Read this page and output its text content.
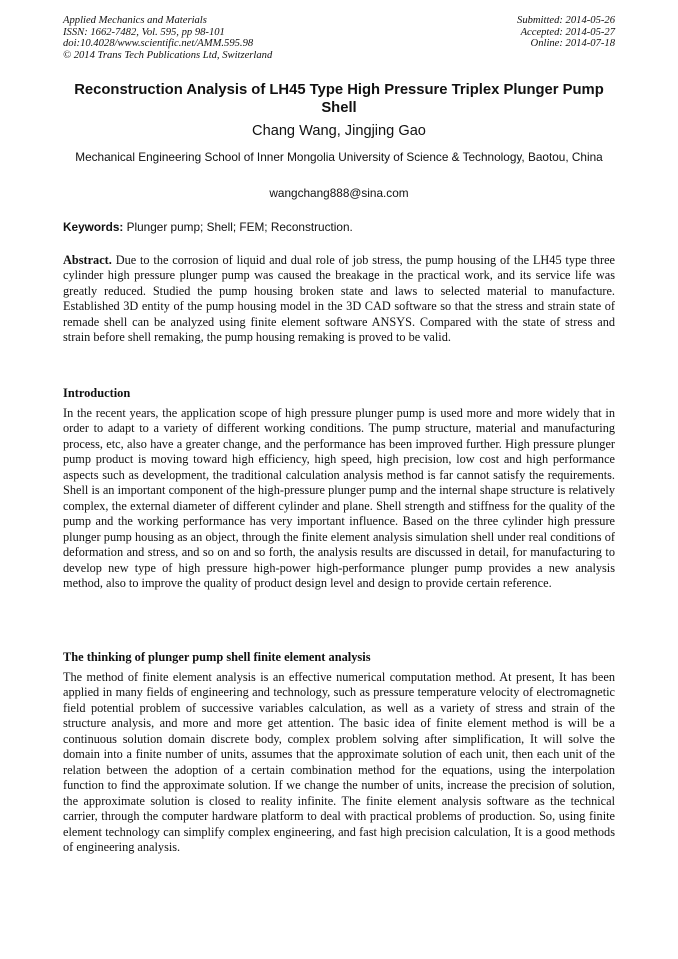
Applied Mechanics and Materials
ISSN: 1662-7482, Vol. 595, pp 98-101
doi:10.4028/www.scientific.net/AMM.595.98
© 2014 Trans Tech Publications Ltd, Switzerland
Submitted: 2014-05-26
Accepted: 2014-05-27
Online: 2014-07-18
Reconstruction Analysis of LH45 Type High Pressure Triplex Plunger Pump Shell
Chang Wang, Jingjing Gao
Mechanical Engineering School of Inner Mongolia University of Science & Technology, Baotou, China
wangchang888@sina.com
Keywords: Plunger pump; Shell; FEM; Reconstruction.

Abstract. Due to the corrosion of liquid and dual role of job stress, the pump housing of the LH45 type three cylinder high pressure plunger pump was caused the breakage in the practical work, and its service life was greatly reduced. Studied the pump housing broken state and laws to selected material to manufacture. Established 3D entity of the pump housing model in the 3D CAD software so that the stress and strain state of remade shell can be analyzed using finite element software ANSYS. Compared with the state of stress and strain before shell remaking, the pump housing remaking is proved to be valid.

Introduction

In the recent years, the application scope of high pressure plunger pump is used more and more widely that in order to adapt to a variety of different working conditions. The pump structure, material and manufacturing process, etc, also have a greater change, and the performance has been improved further. High pressure plunger pump product is moving toward high efficiency, high speed, high precision, low cost and high performance aspects such as development, the traditional calculation analysis method is far cannot satisfy the requirements. Shell is an important component of the high-pressure plunger pump and the internal shape structure is relatively complex, the external diameter of different cylinder and plane. Shell strength and stiffness for the quality of the pump and the working performance has very important influence. Based on the three cylinder high pressure plunger pump housing as an object, through the finite element analysis simulation shell under real conditions of deformation and stress, and so on and so forth, the analysis results are discussed in detail, for manufacturing to develop new type of high pressure high-power high-performance plunger pump provides a new analysis method, also to improve the quality of product design level and design to provide certain reference.

The thinking of plunger pump shell finite element analysis

The method of finite element analysis is an effective numerical computation method. At present, It has been applied in many fields of engineering and technology, such as pressure temperature velocity of electromagnetic field potential problem of successive variables calculation, as well as a variety of stress and strain of the structure analysis, and more and more get attention. The basic idea of finite element method is will be a continuous solution domain discrete body, complex problem solving after simplification, It will solve the domain into a finite number of units, assumes that the approximate solution of each unit, then each unit of the relation between the adoption of a certain combination method for the equations, using the interpolation function to find the approximate solution. If we change the number of units, increase the precision of solution, the approximate solution is closed to reality infinite. The finite element analysis software as the technical carrier, through the computer hardware platform to deal with practical problems of production. So, using finite element technology can simplify complex engineering, and fast high precision calculation, It is a good methods of engineering analysis.
